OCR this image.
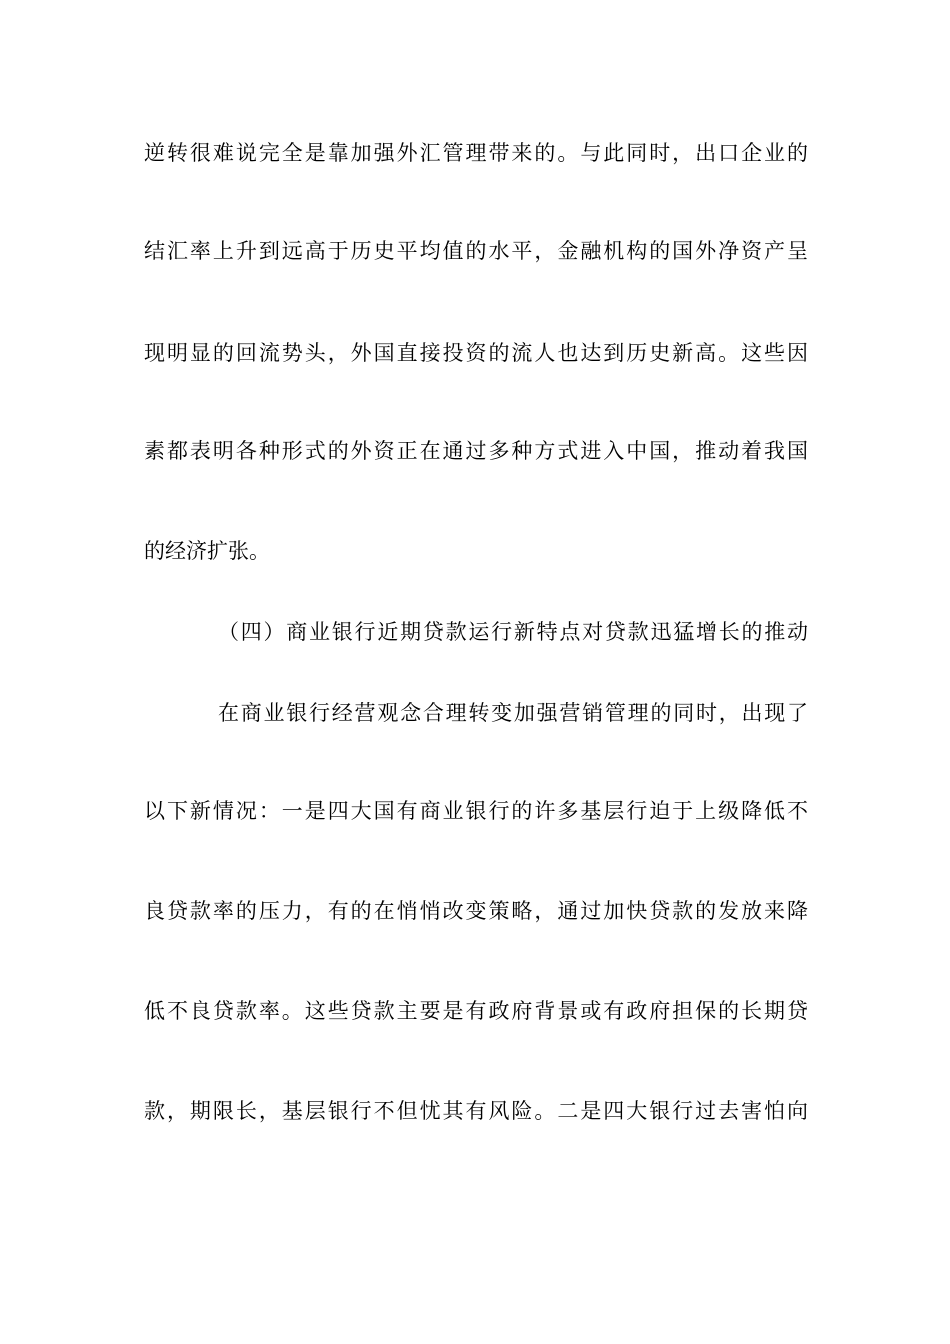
逆转很难说完全是靠加强外汇管理带来的。与此同时，出口企业的
结汇率上升到远高于历史平均值的水平，金融机构的国外净资产呈
现明显的回流势头，外国直接投资的流人也达到历史新高。这些因
素都表明各种形式的外资正在通过多种方式进入中国，推动着我国
的经济扩张。
（四）商业银行近期贷款运行新特点对贷款迅猛增长的推动
在商业银行经营观念合理转变加强营销管理的同时，出现了
以下新情况：一是四大国有商业银行的许多基层行迫于上级降低不
良贷款率的压力，有的在悄悄改变策略，通过加快贷款的发放来降
低不良贷款率。这些贷款主要是有政府背景或有政府担保的长期贷
款，期限长，基层银行不但忧其有风险。二是四大银行过去害怕向
